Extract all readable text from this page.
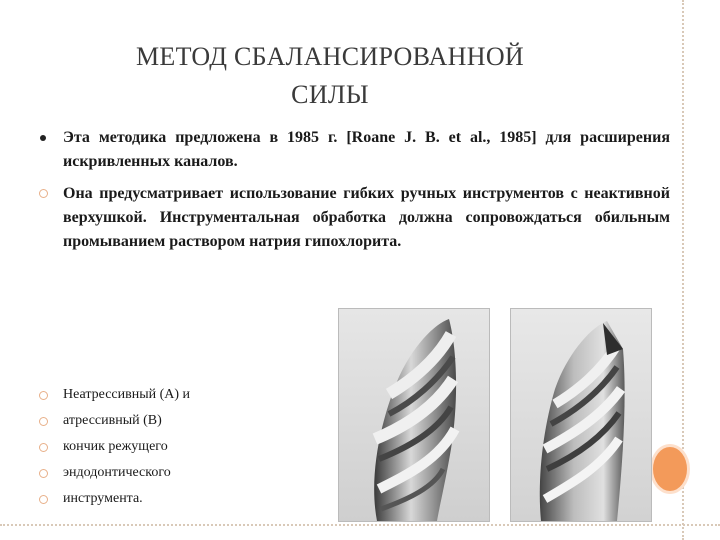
МЕТОД СБАЛАНСИРОВАННОЙ
СИЛЫ

Эта методика предложена в 1985 г. [Roane J. B. et al., 1985] для расширения искривленных каналов.

Она предусматривает использование гибких ручных инструментов с неактивной верхушкой. Инструментальная обработка должна сопровождаться обильным промыванием раствором натрия гипохлорита.

Неатрессивный (А) и

атрессивный (В)

кончик режущего

эндодонтического

инструмента.
